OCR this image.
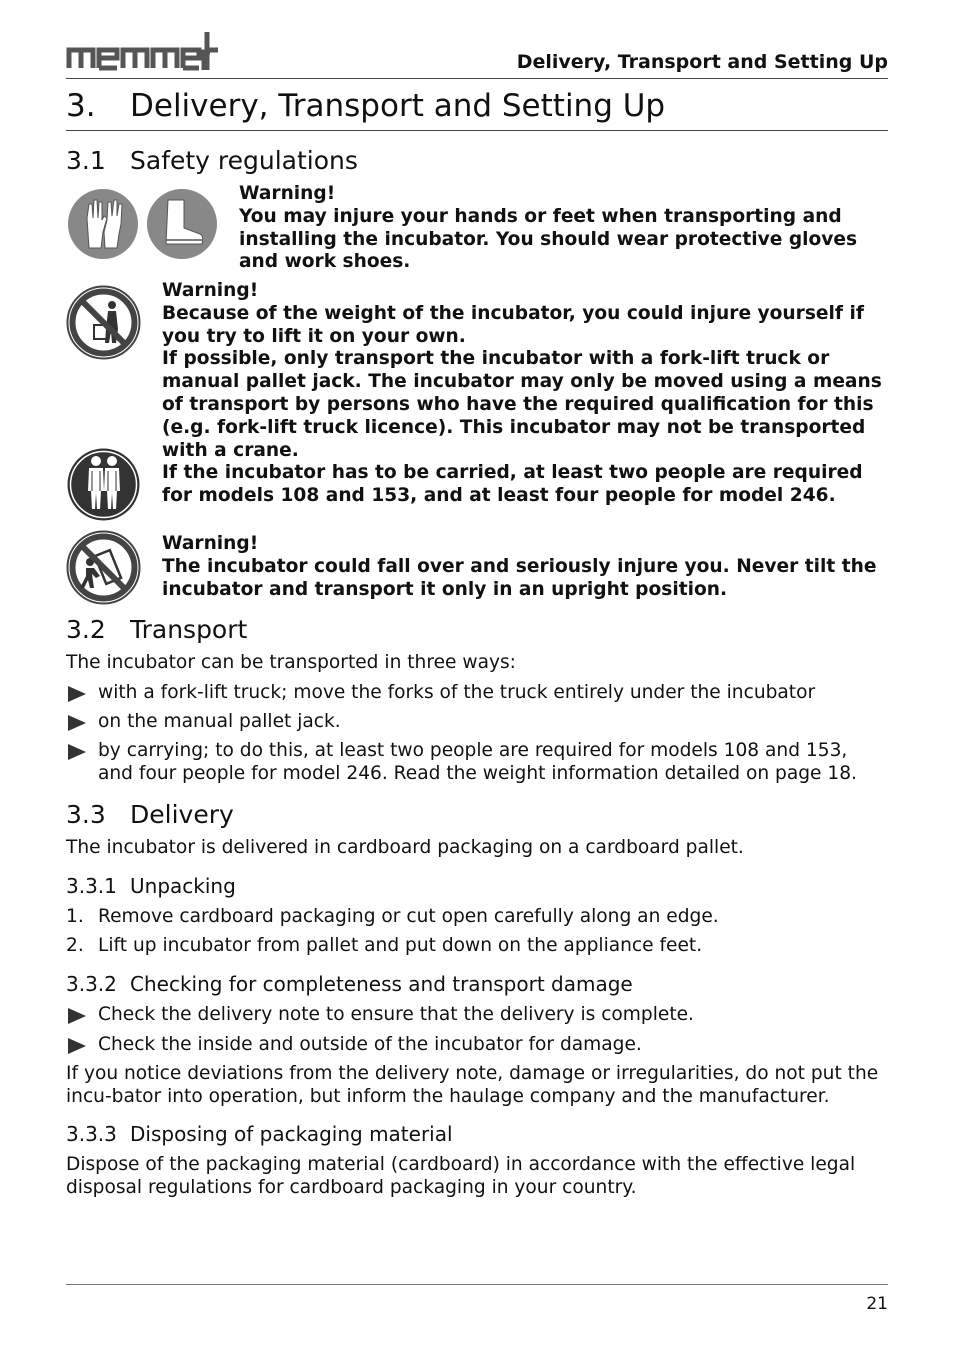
Delivery, Transport and Setting Up
3. Delivery, Transport and Setting Up
3.1 Safety regulations

Warning!

You may injure your hands or feet when transporting and installing the incubator. You should wear protective gloves and work shoes.

Warning!

Because of the weight of the incubator, you could injure yourself if you try to lift it on your own.

If possible, only transport the incubator with a fork-lift truck or manual pallet jack. The incubator may only be moved using a means of transport by persons who have the required qualification for this (e.g. fork-lift truck licence). This incubator may not be transported with a crane.

If the incubator has to be carried, at least two people are required for models 108 and 153, and at least four people for model 246.

Warning!

The incubator could fall over and seriously injure you. Never tilt the incubator and transport it only in an upright position.

3.2 Transport
The incubator can be transported in three ways:
with a fork-lift truck; move the forks of the truck entirely under the incubator
on the manual pallet jack.
by carrying; to do this, at least two people are required for models 108 and 153, and four people for model 246. Read the weight information detailed on page 18.
3.3 Delivery
The incubator is delivered in cardboard packaging on a cardboard pallet.
3.3.1 Unpacking
1. Remove cardboard packaging or cut open carefully along an edge.
2. Lift up incubator from pallet and put down on the appliance feet.
3.3.2 Checking for completeness and transport damage
Check the delivery note to ensure that the delivery is complete.
Check the inside and outside of the incubator for damage.
If you notice deviations from the delivery note, damage or irregularities, do not put the incu-bator into operation, but inform the haulage company and the manufacturer.
3.3.3 Disposing of packaging material
Dispose of the packaging material (cardboard) in accordance with the effective legal disposal regulations for cardboard packaging in your country.
21
